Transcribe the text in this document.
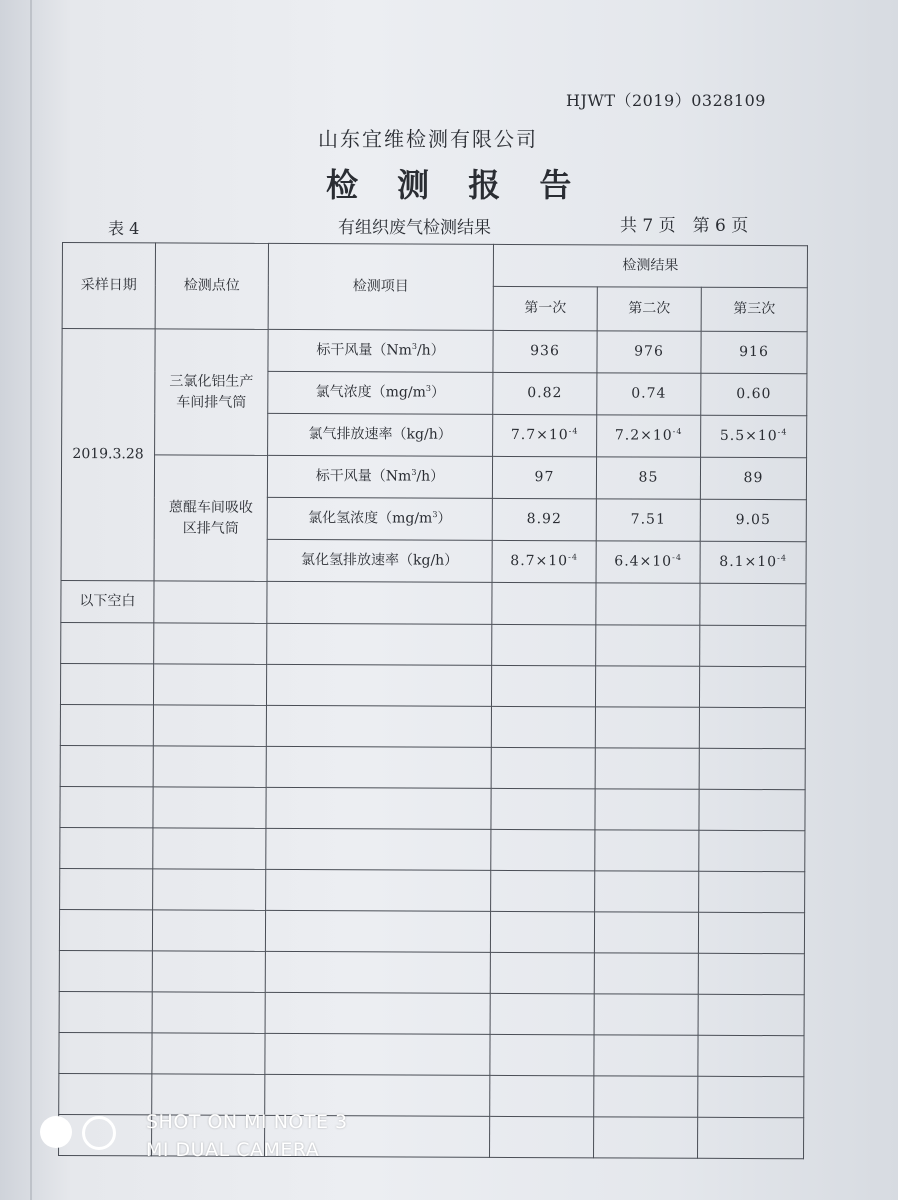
HJWT（2019）0328109
山东宜维检测有限公司
检 测 报 告
表 4	有组织废气检测结果	共 7 页　第 6 页
采样日期	检测点位	检测项目	检测结果		
			第一次	第二次	第三次
2019.3.28	三氯化铝生产车间排气筒	标干风量（Nm$^3$/h）	936	976	916
		氯气浓度$(mg/m^3)$	0.82	0.74	0.60
		氯气排放速率（kg/h）	$7.7\times 10^{-4}$	$7.2\times 10^{-4}$	$5.5\times 10^{-4}$
	蒽醌车间吸收区排气筒	标干风量（Nm$^3$/h）	97	85	89
		氯化氢浓度$(mg/m^3)$	8.92	7.51	9.05
		氯化氢排放速率（kg/h）	$8.7\times 10^{-4}$	$6.4\times 10^{-4}$	$8.1\times 10^{-4}$
以下空白					

SHOT ON MI NOTE 3
MI DUAL CAMERA
